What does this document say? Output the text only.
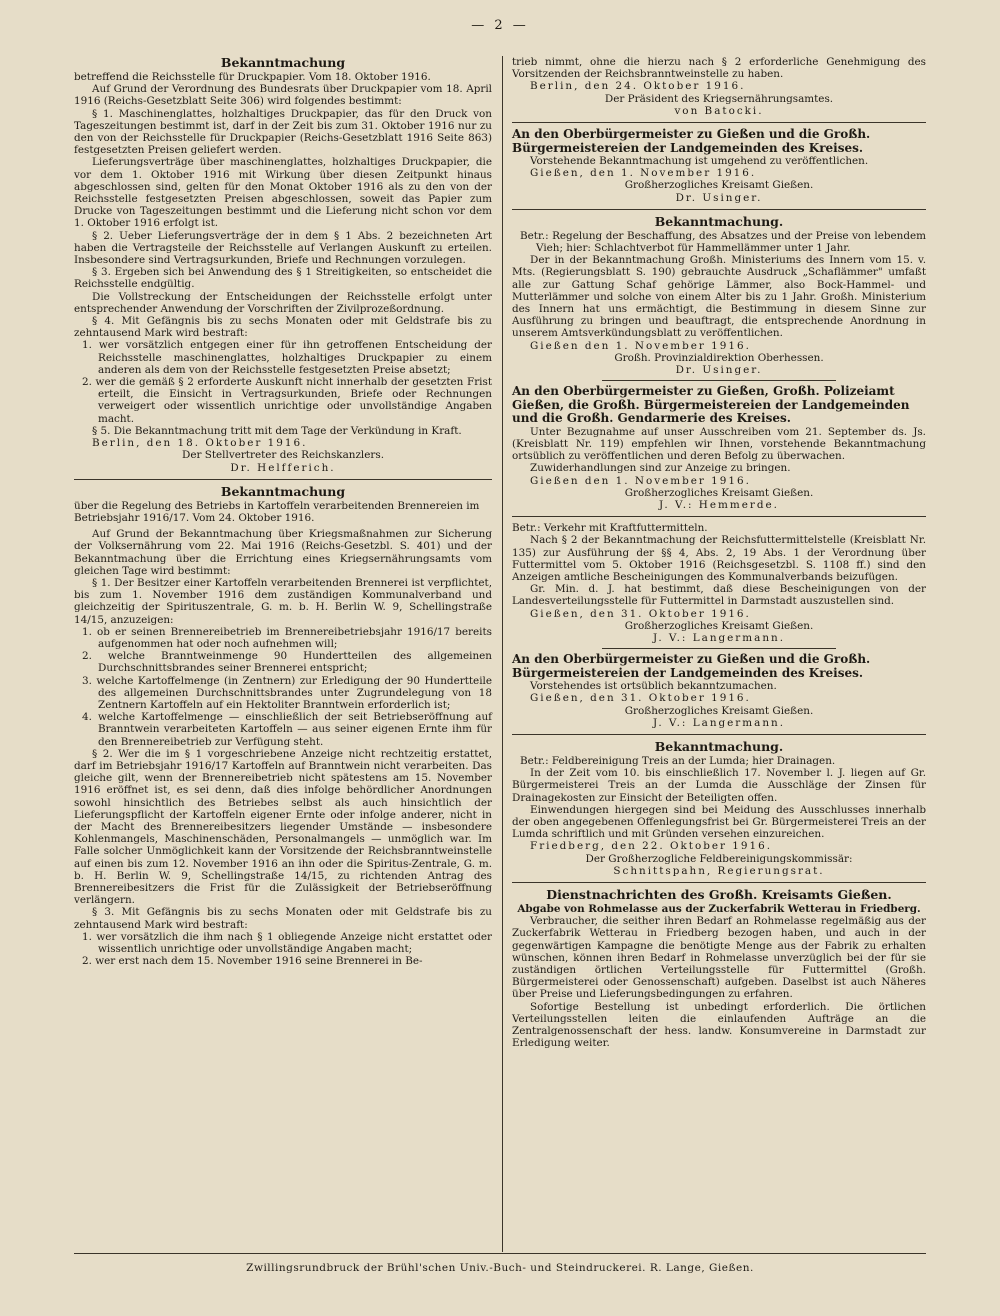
— 2 —

Bekanntmachung

betreffend die Reichsstelle für Druckpapier. Vom 18. Oktober 1916.

Auf Grund der Verordnung des Bundesrats über Druckpapier vom 18. April 1916 (Reichs-Gesetzblatt Seite 306) wird folgendes bestimmt:

§ 1. Maschinenglattes, holzhaltiges Druckpapier, das für den Druck von Tageszeitungen bestimmt ist, darf in der Zeit bis zum 31. Oktober 1916 nur zu den von der Reichsstelle für Druckpapier (Reichs-Gesetzblatt 1916 Seite 863) festgesetzten Preisen geliefert werden.

Lieferungsverträge über maschinenglattes, holzhaltiges Druckpapier, die vor dem 1. Oktober 1916 mit Wirkung über diesen Zeitpunkt hinaus abgeschlossen sind, gelten für den Monat Oktober 1916 als zu den von der Reichsstelle festgesetzten Preisen abgeschlossen, soweit das Papier zum Drucke von Tageszeitungen bestimmt und die Lieferung nicht schon vor dem 1. Oktober 1916 erfolgt ist.

§ 2. Ueber Lieferungsverträge der in dem § 1 Abs. 2 bezeichneten Art haben die Vertragsteile der Reichsstelle auf Verlangen Auskunft zu erteilen. Insbesondere sind Vertragsurkunden, Briefe und Rechnungen vorzulegen.

§ 3. Ergeben sich bei Anwendung des § 1 Streitigkeiten, so entscheidet die Reichsstelle endgültig.

Die Vollstreckung der Entscheidungen der Reichsstelle erfolgt unter entsprechender Anwendung der Vorschriften der Zivilprozeßordnung.

§ 4. Mit Gefängnis bis zu sechs Monaten oder mit Geldstrafe bis zu zehntausend Mark wird bestraft:

1. wer vorsätzlich entgegen einer für ihn getroffenen Entscheidung der Reichsstelle maschinenglattes, holzhaltiges Druckpapier zu einem anderen als dem von der Reichsstelle festgesetzten Preise absetzt;

2. wer die gemäß § 2 erforderte Auskunft nicht innerhalb der gesetzten Frist erteilt, die Einsicht in Vertragsurkunden, Briefe oder Rechnungen verweigert oder wissentlich unrichtige oder unvollständige Angaben macht.

§ 5. Die Bekanntmachung tritt mit dem Tage der Verkündung in Kraft.

Berlin, den 18. Oktober 1916.

Der Stellvertreter des Reichskanzlers.

Dr. Helfferich.

Bekanntmachung

über die Regelung des Betriebs in Kartoffeln verarbeitenden Brennereien im Betriebsjahr 1916/17. Vom 24. Oktober 1916.

Auf Grund der Bekanntmachung über Kriegsmaßnahmen zur Sicherung der Volksernährung vom 22. Mai 1916 (Reichs-Gesetzbl. S. 401) und der Bekanntmachung über die Errichtung eines Kriegsernährungsamts vom gleichen Tage wird bestimmt:

§ 1. Der Besitzer einer Kartoffeln verarbeitenden Brennerei ist verpflichtet, bis zum 1. November 1916 dem zuständigen Kommunalverband und gleichzeitig der Spirituszentrale, G. m. b. H. Berlin W. 9, Schellingstraße 14/15, anzuzeigen:

1. ob er seinen Brennereibetrieb im Brennereibetriebsjahr 1916/17 bereits aufgenommen hat oder noch aufnehmen will;

2. welche Branntweinmenge 90 Hundertteilen des allgemeinen Durchschnittsbrandes seiner Brennerei entspricht;

3. welche Kartoffelmenge (in Zentnern) zur Erledigung der 90 Hundertteile des allgemeinen Durchschnittsbrandes unter Zugrundelegung von 18 Zentnern Kartoffeln auf ein Hektoliter Branntwein erforderlich ist;

4. welche Kartoffelmenge — einschließlich der seit Betriebseröffnung auf Branntwein verarbeiteten Kartoffeln — aus seiner eigenen Ernte ihm für den Brennereibetrieb zur Verfügung steht.

§ 2. Wer die im § 1 vorgeschriebene Anzeige nicht rechtzeitig erstattet, darf im Betriebsjahr 1916/17 Kartoffeln auf Branntwein nicht verarbeiten. Das gleiche gilt, wenn der Brennereibetrieb nicht spätestens am 15. November 1916 eröffnet ist, es sei denn, daß dies infolge behördlicher Anordnungen sowohl hinsichtlich des Betriebes selbst als auch hinsichtlich der Lieferungspflicht der Kartoffeln eigener Ernte oder infolge anderer, nicht in der Macht des Brennereibesitzers liegender Umstände — insbesondere Kohlenmangels, Maschinenschäden, Personalmangels — unmöglich war. Im Falle solcher Unmöglichkeit kann der Vorsitzende der Reichsbranntweinstelle auf einen bis zum 12. November 1916 an ihn oder die Spiritus-Zentrale, G. m. b. H. Berlin W. 9, Schellingstraße 14/15, zu richtenden Antrag des Brennereibesitzers die Frist für die Zulässigkeit der Betriebseröffnung verlängern.

§ 3. Mit Gefängnis bis zu sechs Monaten oder mit Geldstrafe bis zu zehntausend Mark wird bestraft:

1. wer vorsätzlich die ihm nach § 1 obliegende Anzeige nicht erstattet oder wissentlich unrichtige oder unvollständige Angaben macht;

2. wer erst nach dem 15. November 1916 seine Brennerei in Be-

trieb nimmt, ohne die hierzu nach § 2 erforderliche Genehmigung des Vorsitzenden der Reichsbranntweinstelle zu haben.

Berlin, den 24. Oktober 1916.

Der Präsident des Kriegsernährungsamtes.

von Batocki.

An den Oberbürgermeister zu Gießen und die Großh. Bürgermeistereien der Landgemeinden des Kreises.

Vorstehende Bekanntmachung ist umgehend zu veröffentlichen.

Gießen, den 1. November 1916.

Großherzogliches Kreisamt Gießen.

Dr. Usinger.

Bekanntmachung.

Betr.: Regelung der Beschaffung, des Absatzes und der Preise von lebendem Vieh; hier: Schlachtverbot für Hammellämmer unter 1 Jahr.

Der in der Bekanntmachung Großh. Ministeriums des Innern vom 15. v. Mts. (Regierungsblatt S. 190) gebrauchte Ausdruck „Schaflämmer" umfaßt alle zur Gattung Schaf gehörige Lämmer, also Bock-Hammel- und Mutterlämmer und solche von einem Alter bis zu 1 Jahr. Großh. Ministerium des Innern hat uns ermächtigt, die Bestimmung in diesem Sinne zur Ausführung zu bringen und beauftragt, die entsprechende Anordnung in unserem Amtsverkündungsblatt zu veröffentlichen.

Gießen den 1. November 1916.

Großh. Provinzialdirektion Oberhessen.

Dr. Usinger.

An den Oberbürgermeister zu Gießen, Großh. Polizeiamt Gießen, die Großh. Bürgermeistereien der Landgemeinden und die Großh. Gendarmerie des Kreises.

Unter Bezugnahme auf unser Ausschreiben vom 21. September ds. Js. (Kreisblatt Nr. 119) empfehlen wir Ihnen, vorstehende Bekanntmachung ortsüblich zu veröffentlichen und deren Befolg zu überwachen.

Zuwiderhandlungen sind zur Anzeige zu bringen.

Gießen den 1. November 1916.

Großherzogliches Kreisamt Gießen.

J. V.: Hemmerde.

Betr.: Verkehr mit Kraftfuttermitteln.

Nach § 2 der Bekanntmachung der Reichsfuttermittelstelle (Kreisblatt Nr. 135) zur Ausführung der §§ 4, Abs. 2, 19 Abs. 1 der Verordnung über Futtermittel vom 5. Oktober 1916 (Reichsgesetzbl. S. 1108 ff.) sind den Anzeigen amtliche Bescheinigungen des Kommunalverbands beizufügen.

Gr. Min. d. J. hat bestimmt, daß diese Bescheinigungen von der Landesverteilungsstelle für Futtermittel in Darmstadt auszustellen sind.

Gießen, den 31. Oktober 1916.

Großherzogliches Kreisamt Gießen.

J. V.: Langermann.

An den Oberbürgermeister zu Gießen und die Großh. Bürgermeistereien der Landgemeinden des Kreises.

Vorstehendes ist ortsüblich bekanntzumachen.

Gießen, den 31. Oktober 1916.

Großherzogliches Kreisamt Gießen.

J. V.: Langermann.

Bekanntmachung.

Betr.: Feldbereinigung Treis an der Lumda; hier Drainagen.

In der Zeit vom 10. bis einschließlich 17. November l. J. liegen auf Gr. Bürgermeisterei Treis an der Lumda die Ausschläge der Zinsen für Drainagekosten zur Einsicht der Beteiligten offen.

Einwendungen hiergegen sind bei Meidung des Ausschlusses innerhalb der oben angegebenen Offenlegungsfrist bei Gr. Bürgermeisterei Treis an der Lumda schriftlich und mit Gründen versehen einzureichen.

Friedberg, den 22. Oktober 1916.

Der Großherzogliche Feldbereinigungskommissär:

Schnittspahn, Regierungsrat.

Dienstnachrichten des Großh. Kreisamts Gießen.

Abgabe von Rohmelasse aus der Zuckerfabrik Wetterau in Friedberg.

Verbraucher, die seither ihren Bedarf an Rohmelasse regelmäßig aus der Zuckerfabrik Wetterau in Friedberg bezogen haben, und auch in der gegenwärtigen Kampagne die benötigte Menge aus der Fabrik zu erhalten wünschen, können ihren Bedarf in Rohmelasse unverzüglich bei der für sie zuständigen örtlichen Verteilungsstelle für Futtermittel (Großh. Bürgermeisterei oder Genossenschaft) aufgeben. Daselbst ist auch Näheres über Preise und Lieferungsbedingungen zu erfahren.

Sofortige Bestellung ist unbedingt erforderlich. Die örtlichen Verteilungsstellen leiten die einlaufenden Aufträge an die Zentralgenossenschaft der hess. landw. Konsumvereine in Darmstadt zur Erledigung weiter.

Zwillingsrundbruck der Brühl'schen Univ.-Buch- und Steindruckerei. R. Lange, Gießen.
